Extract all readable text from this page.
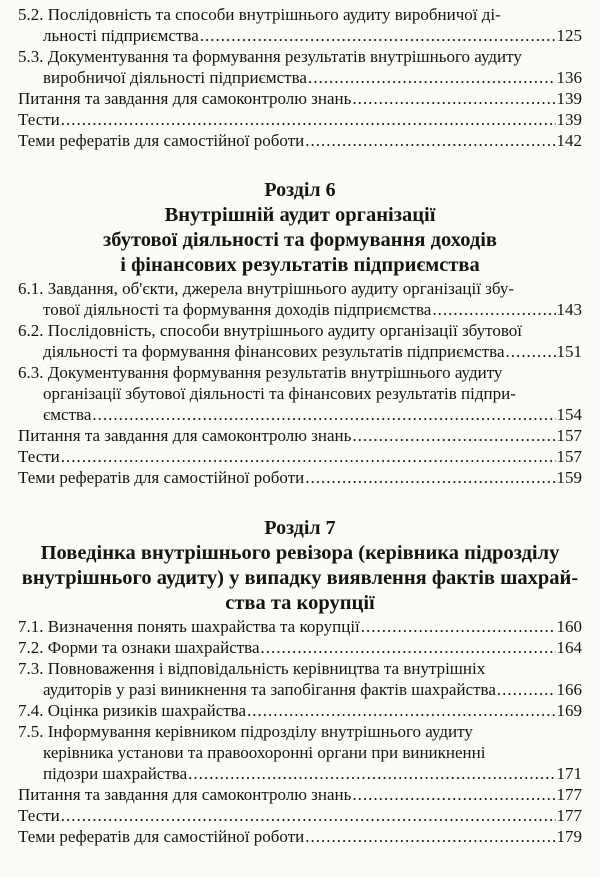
5.2. Послідовність та способи внутрішнього аудиту виробничої ді-
льності підприємства .....	125
5.3. Документування та формування результатів внутрішнього аудиту
виробничої діяльності підприємства .....	136
Питання та завдання для самоконтролю знань .....	139
Тести .....	139
Теми рефератів для самостійної роботи .....	142
Розділ 6
Внутрішній аудит організації
збутової діяльності та формування доходів
і фінансових результатів підприємства
6.1. Завдання, об'єкти, джерела внутрішнього аудиту організації збу-
тової діяльності та формування доходів підприємства .....	143
6.2. Послідовність, способи внутрішнього аудиту організації збутової
діяльності та формування фінансових результатів підприємства .....	151
6.3. Документування формування результатів внутрішнього аудиту
організації збутової діяльності та фінансових результатів підпри-
ємства .....	154
Питання та завдання для самоконтролю знань .....	157
Тести .....	157
Теми рефератів для самостійної роботи .....	159
Розділ 7
Поведінка внутрішнього ревізора (керівника підрозділу
внутрішнього аудиту) у випадку виявлення фактів шахрай-
ства та корупції
7.1. Визначення понять шахрайства та корупції .....	160
7.2. Форми та ознаки шахрайства .....	164
7.3. Повноваження і відповідальність керівництва та внутрішніх
аудиторів у разі виникнення та запобігання фактів шахрайства .....	166
7.4. Оцінка ризиків шахрайства .....	169
7.5. Інформування керівником підрозділу внутрішнього аудиту
керівника установи та правоохоронні органи при виникненні
підозри шахрайства .....	171
Питання та завдання для самоконтролю знань .....	177
Тести .....	177
Теми рефератів для самостійної роботи .....	179
